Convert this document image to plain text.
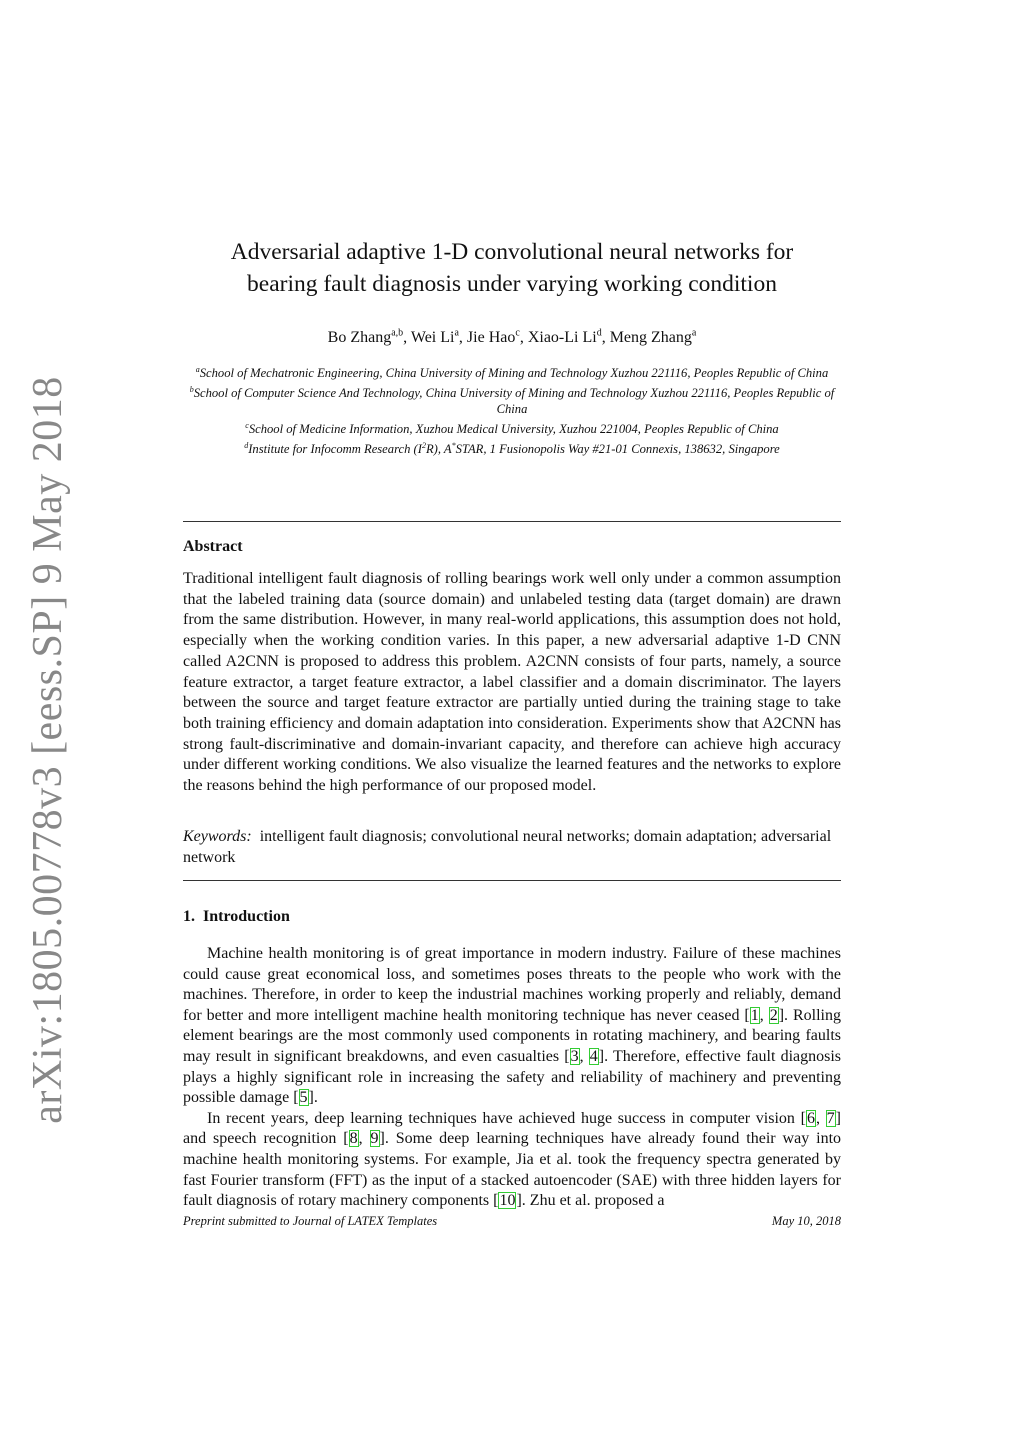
arXiv:1805.00778v3 [eess.SP] 9 May 2018
Adversarial adaptive 1-D convolutional neural networks for
bearing fault diagnosis under varying working condition
Bo Zhang$^{a,b}$, Wei Li$^a$, Jie Hao$^c$, Xiao-Li Li$^d$, Meng Zhang$^a$
$^a$School of Mechatronic Engineering, China University of Mining and Technology Xuzhou 221116, Peoples Republic of China
$^b$School of Computer Science And Technology, China University of Mining and Technology Xuzhou 221116, Peoples Republic of China
$^c$School of Medicine Information, Xuzhou Medical University, Xuzhou 221004, Peoples Republic of China
$^d$Institute for Infocomm Research $(I^2R)$, A*STAR, 1 Fusionopolis Way #21-01 Connexis, 138632, Singapore
Abstract
Traditional intelligent fault diagnosis of rolling bearings work well only under a common assumption that the labeled training data (source domain) and unlabeled testing data (target domain) are drawn from the same distribution. However, in many real-world applications, this assumption does not hold, especially when the working condition varies. In this paper, a new adversarial adaptive 1-D CNN called A2CNN is proposed to address this problem. A2CNN consists of four parts, namely, a source feature extractor, a target feature extractor, a label classifier and a domain discriminator. The layers between the source and target feature extractor are partially untied during the training stage to take both training efficiency and domain adaptation into consideration. Experiments show that A2CNN has strong fault-discriminative and domain-invariant capacity, and therefore can achieve high accuracy under different working conditions. We also visualize the learned features and the networks to explore the reasons behind the high performance of our proposed model.
Keywords: intelligent fault diagnosis; convolutional neural networks; domain adaptation; adversarial network
1. Introduction

Machine health monitoring is of great importance in modern industry. Failure of these machines could cause great economical loss, and sometimes poses threats to the people who work with the machines. Therefore, in order to keep the industrial machines working properly and reliably, demand for better and more intelligent machine health monitoring technique has never ceased [1, 2]. Rolling element bearings are the most commonly used components in rotating machinery, and bearing faults may result in significant breakdowns, and even casualties [3, 4]. Therefore, effective fault diagnosis plays a highly significant role in increasing the safety and reliability of machinery and preventing possible damage [5].

In recent years, deep learning techniques have achieved huge success in computer vision [6, 7] and speech recognition [8, 9]. Some deep learning techniques have already found their way into machine health monitoring systems. For example, Jia et al. took the frequency spectra generated by fast Fourier transform (FFT) as the input of a stacked autoencoder (SAE) with three hidden layers for fault diagnosis of rotary machinery components [10]. Zhu et al. proposed a

Preprint submitted to Journal of LATEX Templates	May 10, 2018
